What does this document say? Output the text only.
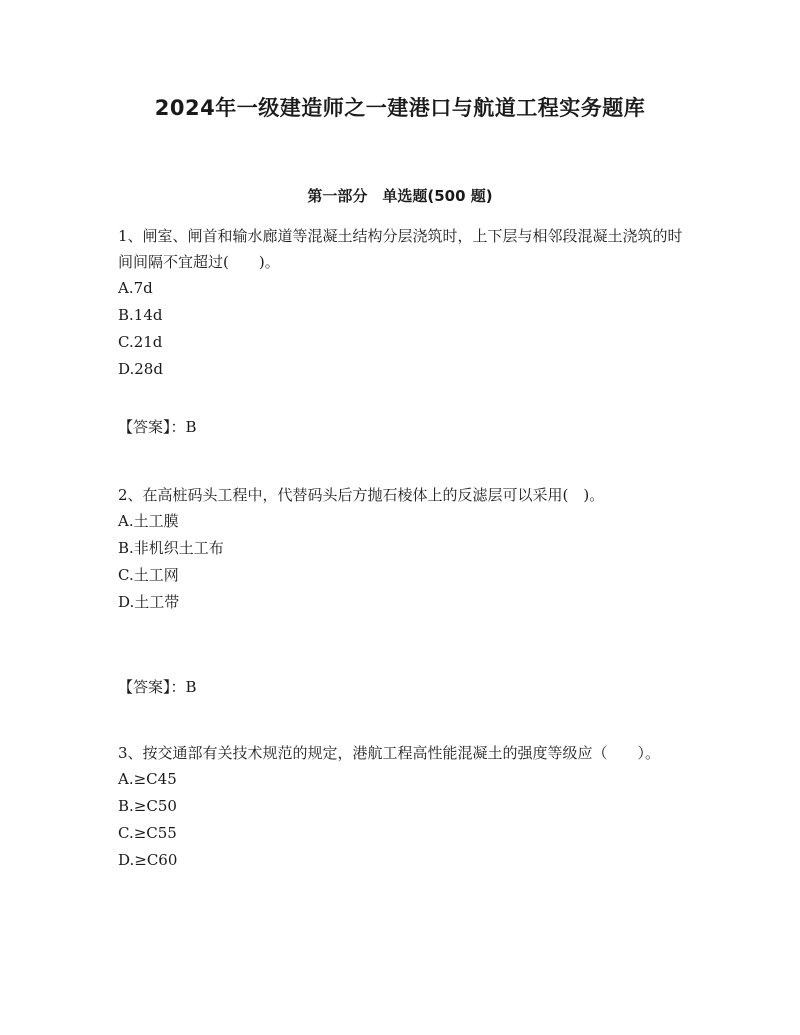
2024年一级建造师之一建港口与航道工程实务题库
第一部分　单选题(500 题)

1、闸室、闸首和输水廊道等混凝土结构分层浇筑时，上下层与相邻段混凝土浇筑的时间间隔不宜超过(　　)。

A.7d

B.14d

C.21d

D.28d

【答案】：B

2、在高桩码头工程中，代替码头后方抛石棱体上的反滤层可以采用(　)。

A.土工膜

B.非机织土工布

C.土工网

D.土工带

【答案】：B

3、按交通部有关技术规范的规定，港航工程高性能混凝土的强度等级应（　　）。

A.≥C45

B.≥C50

C.≥C55

D.≥C60
